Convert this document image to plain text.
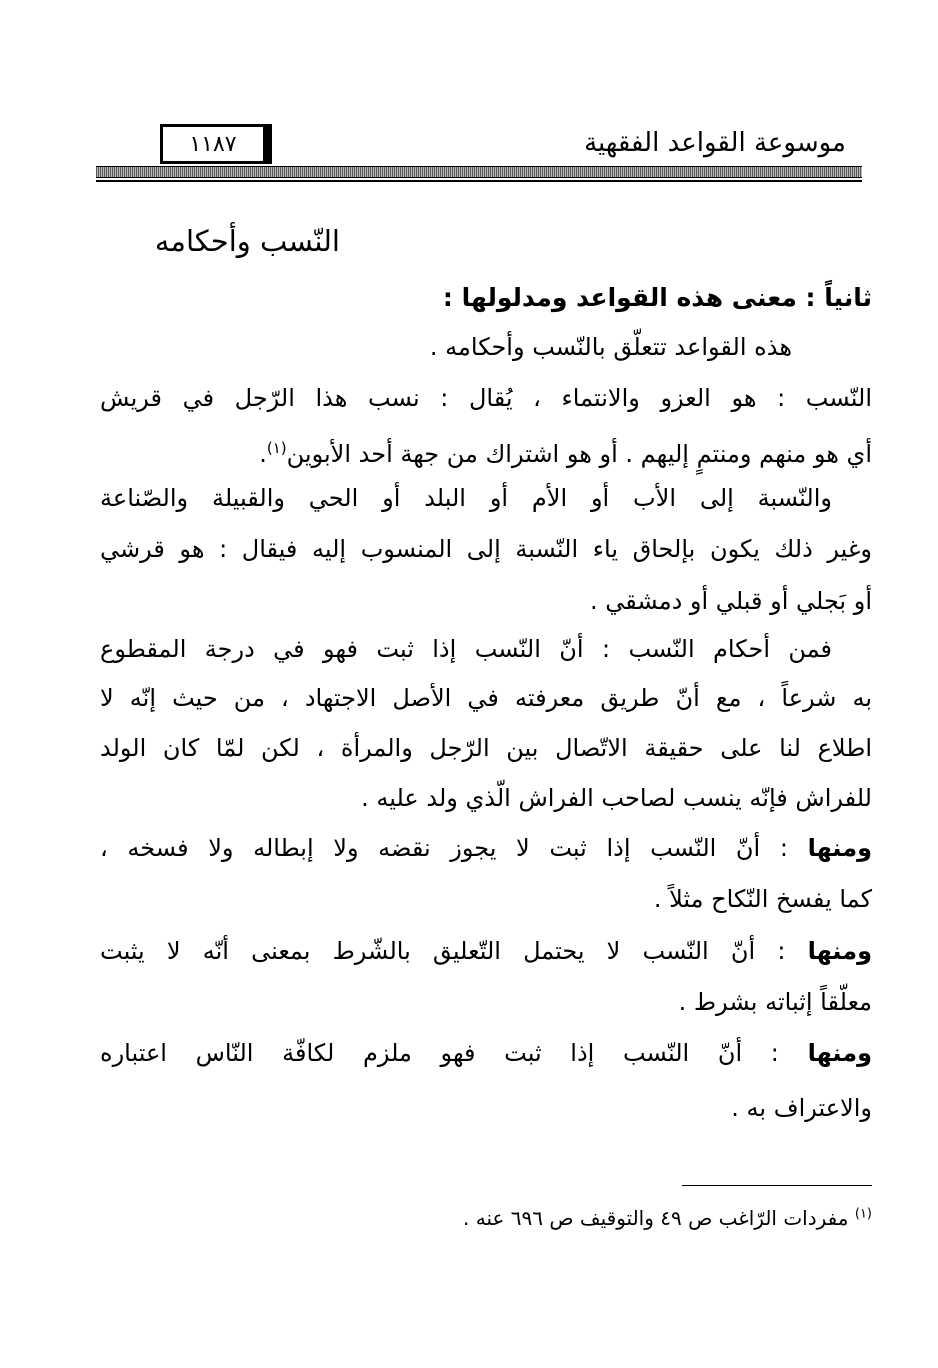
موسوعة القواعد الفقهية
١١٨٧
النّسب وأحكامه
ثانياً : معنى هذه القواعد ومدلولها :
هذه القواعد تتعلّق بالنّسب وأحكامه .
النّسب : هو العزو والانتماء ، يُقال : نسب هذا الرّجل في قريش
أي هو منهم ومنتمٍ إليهم . أو هو اشتراك من جهة أحد الأبوين$^{(١)}$.
والنّسبة إلى الأب أو الأم أو البلد أو الحي والقبيلة والصّناعة
وغير ذلك يكون بإلحاق ياء النّسبة إلى المنسوب إليه فيقال : هو قرشي
أو بَجلي أو قبلي أو دمشقي .
فمن أحكام النّسب : أنّ النّسب إذا ثبت فهو في درجة المقطوع
به شرعاً ، مع أنّ طريق معرفته في الأصل الاجتهاد ، من حيث إنّه لا
اطلاع لنا على حقيقة الاتّصال بين الرّجل والمرأة ، لكن لمّا كان الولد
للفراش فإنّه ينسب لصاحب الفراش الّذي ولد عليه .
ومنها : أنّ النّسب إذا ثبت لا يجوز نقضه ولا إبطاله ولا فسخه ،
كما يفسخ النّكاح مثلاً .
ومنها : أنّ النّسب لا يحتمل التّعليق بالشّرط بمعنى أنّه لا يثبت
معلّقاً إثباته بشرط .
ومنها : أنّ النّسب إذا ثبت فهو ملزم لكافّة النّاس اعتباره
والاعتراف به .
$^{(١)}$ مفردات الرّاغب ص ٤٩ والتوقيف ص ٦٩٦ عنه .
